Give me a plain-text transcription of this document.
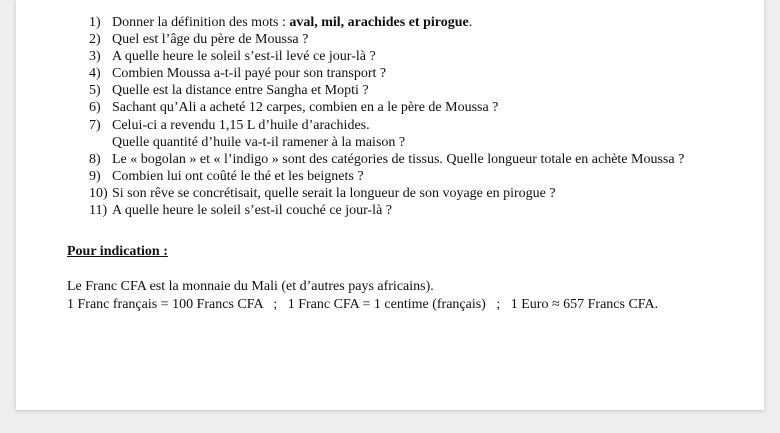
1) Donner la définition des mots : aval, mil, arachides et pirogue.
2) Quel est l’âge du père de Moussa ?
3) A quelle heure le soleil s’est-il levé ce jour-là ?
4) Combien Moussa a-t-il payé pour son transport ?
5) Quelle est la distance entre Sangha et Mopti ?
6) Sachant qu’Ali a acheté 12 carpes, combien en a le père de Moussa ?
7) Celui-ci a revendu 1,15 L d’huile d’arachides.
Quelle quantité d’huile va-t-il ramener à la maison ?
8) Le « bogolan » et « l’indigo » sont des catégories de tissus. Quelle longueur totale en achète Moussa ?
9) Combien lui ont coûté le thé et les beignets ?
10) Si son rêve se concrétisait, quelle serait la longueur de son voyage en pirogue ?
11) A quelle heure le soleil s’est-il couché ce jour-là ?
Pour indication :
Le Franc CFA est la monnaie du Mali (et d’autres pays africains).
1 Franc français = 100 Francs CFA   ;   1 Franc CFA = 1 centime (français)   ;   1 Euro ≈ 657 Francs CFA.
